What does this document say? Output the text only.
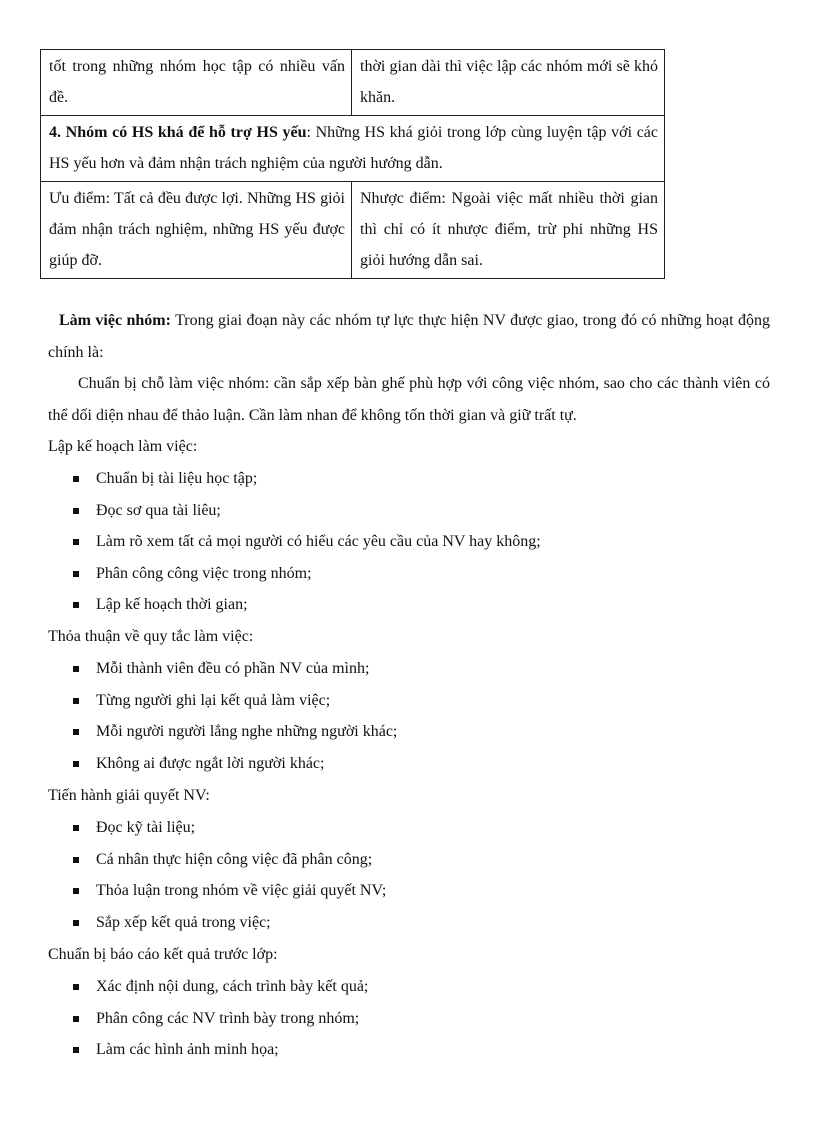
tốt trong những nhóm học tập có nhiều vấn đề.	thời gian dài thì việc lập các nhóm mới sẽ khó khăn.
4. Nhóm có HS khá để hỗ trợ HS yếu: Những HS khá giỏi trong lớp cùng luyện tập với các HS yếu hơn và đảm nhận trách nghiệm của người hướng dẫn.	
Ưu điểm: Tất cả đều được lợi. Những HS giỏi đảm nhận trách nghiệm, những HS yếu được giúp đỡ.	Nhược điểm: Ngoài việc mất nhiều thời gian thì chỉ có ít nhược điểm, trừ phi những HS giỏi hướng dẫn sai.
Làm việc nhóm: Trong giai đoạn này các nhóm tự lực thực hiện NV được giao, trong đó có những hoạt động chính là:
Chuẩn bị chỗ làm việc nhóm: cần sắp xếp bàn ghế phù hợp với công việc nhóm, sao cho các thành viên có thể dối diện nhau để thảo luận. Cần làm nhan để không tốn thời gian và giữ trất tự.
Lập kế hoạch làm việc:
Chuẩn bị tài liệu học tập;
Đọc sơ qua tài liêu;
Làm rõ xem tất cả mọi người có hiểu các yêu cầu của NV hay không;
Phân công công việc trong nhóm;
Lập kế hoạch thời gian;
Thỏa thuận về quy tắc làm việc:
Mỗi thành viên đều có phần NV của mình;
Từng người ghi lại kết quả làm việc;
Mỗi người người lắng nghe những người khác;
Không ai được ngắt lời người khác;
Tiến hành giải quyết NV:
Đọc kỹ tài liệu;
Cá nhân thực hiện công việc đã phân công;
Thỏa luận trong nhóm về việc giải quyết NV;
Sắp xếp kết quả trong việc;
Chuẩn bị báo cáo kết quả trước lớp:
Xác định nội dung, cách trình bày kết quả;
Phân công các NV trình bày trong nhóm;
Làm các hình ảnh minh họa;
